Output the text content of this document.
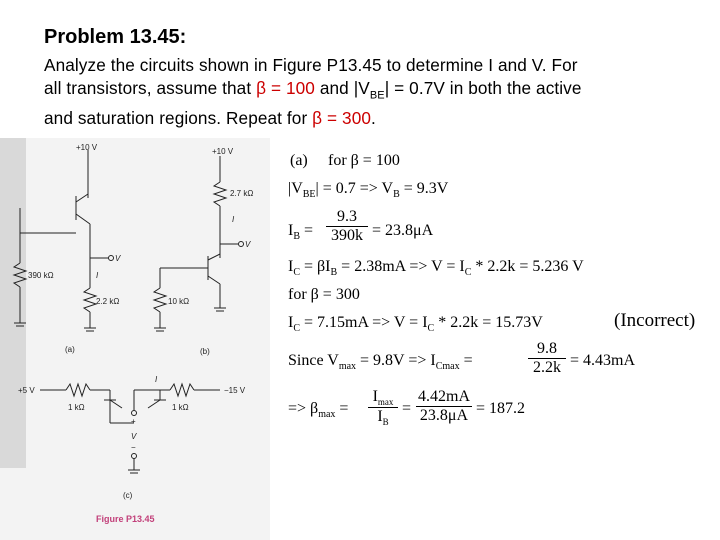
Problem 13.45:
Analyze the circuits shown in Figure P13.45 to determine I and V. For
all transistors, assume that β = 100 and $|V_{BE}| = 0.7V$ in both the active
and saturation regions. Repeat for β = 300.
+10 V	+10 V
2.7 kΩ
390 kΩ
2.2 kΩ	10 kΩ
(a)	(b)
(c)
V
V
V
I
I
I
+5 V	−15 V
1 kΩ	1 kΩ
+
−
Figure P13.45
(a) for β = 100
$|V_{BE}| = 0.7 => V_B = 9.3V$
$I_B = \frac{9.3}{390k} = 23.8\mu A$
$I_C = \beta I_B = 2.38mA => V = I_C * 2.2k = 5.236$ V
for β = 300
$I_C = 7.15mA => V = I_C * 2.2k = 15.73V$	(Incorrect)
Since $V_{max} = 9.8V => I_{Cmax}$ =	$\frac{9.8}{2.2k} = 4.43mA$
=> $\beta_{max}$ =
$I_{max}$
$I_B$
= $\frac{4.42mA}{23.8\mu A} = 187.2$
